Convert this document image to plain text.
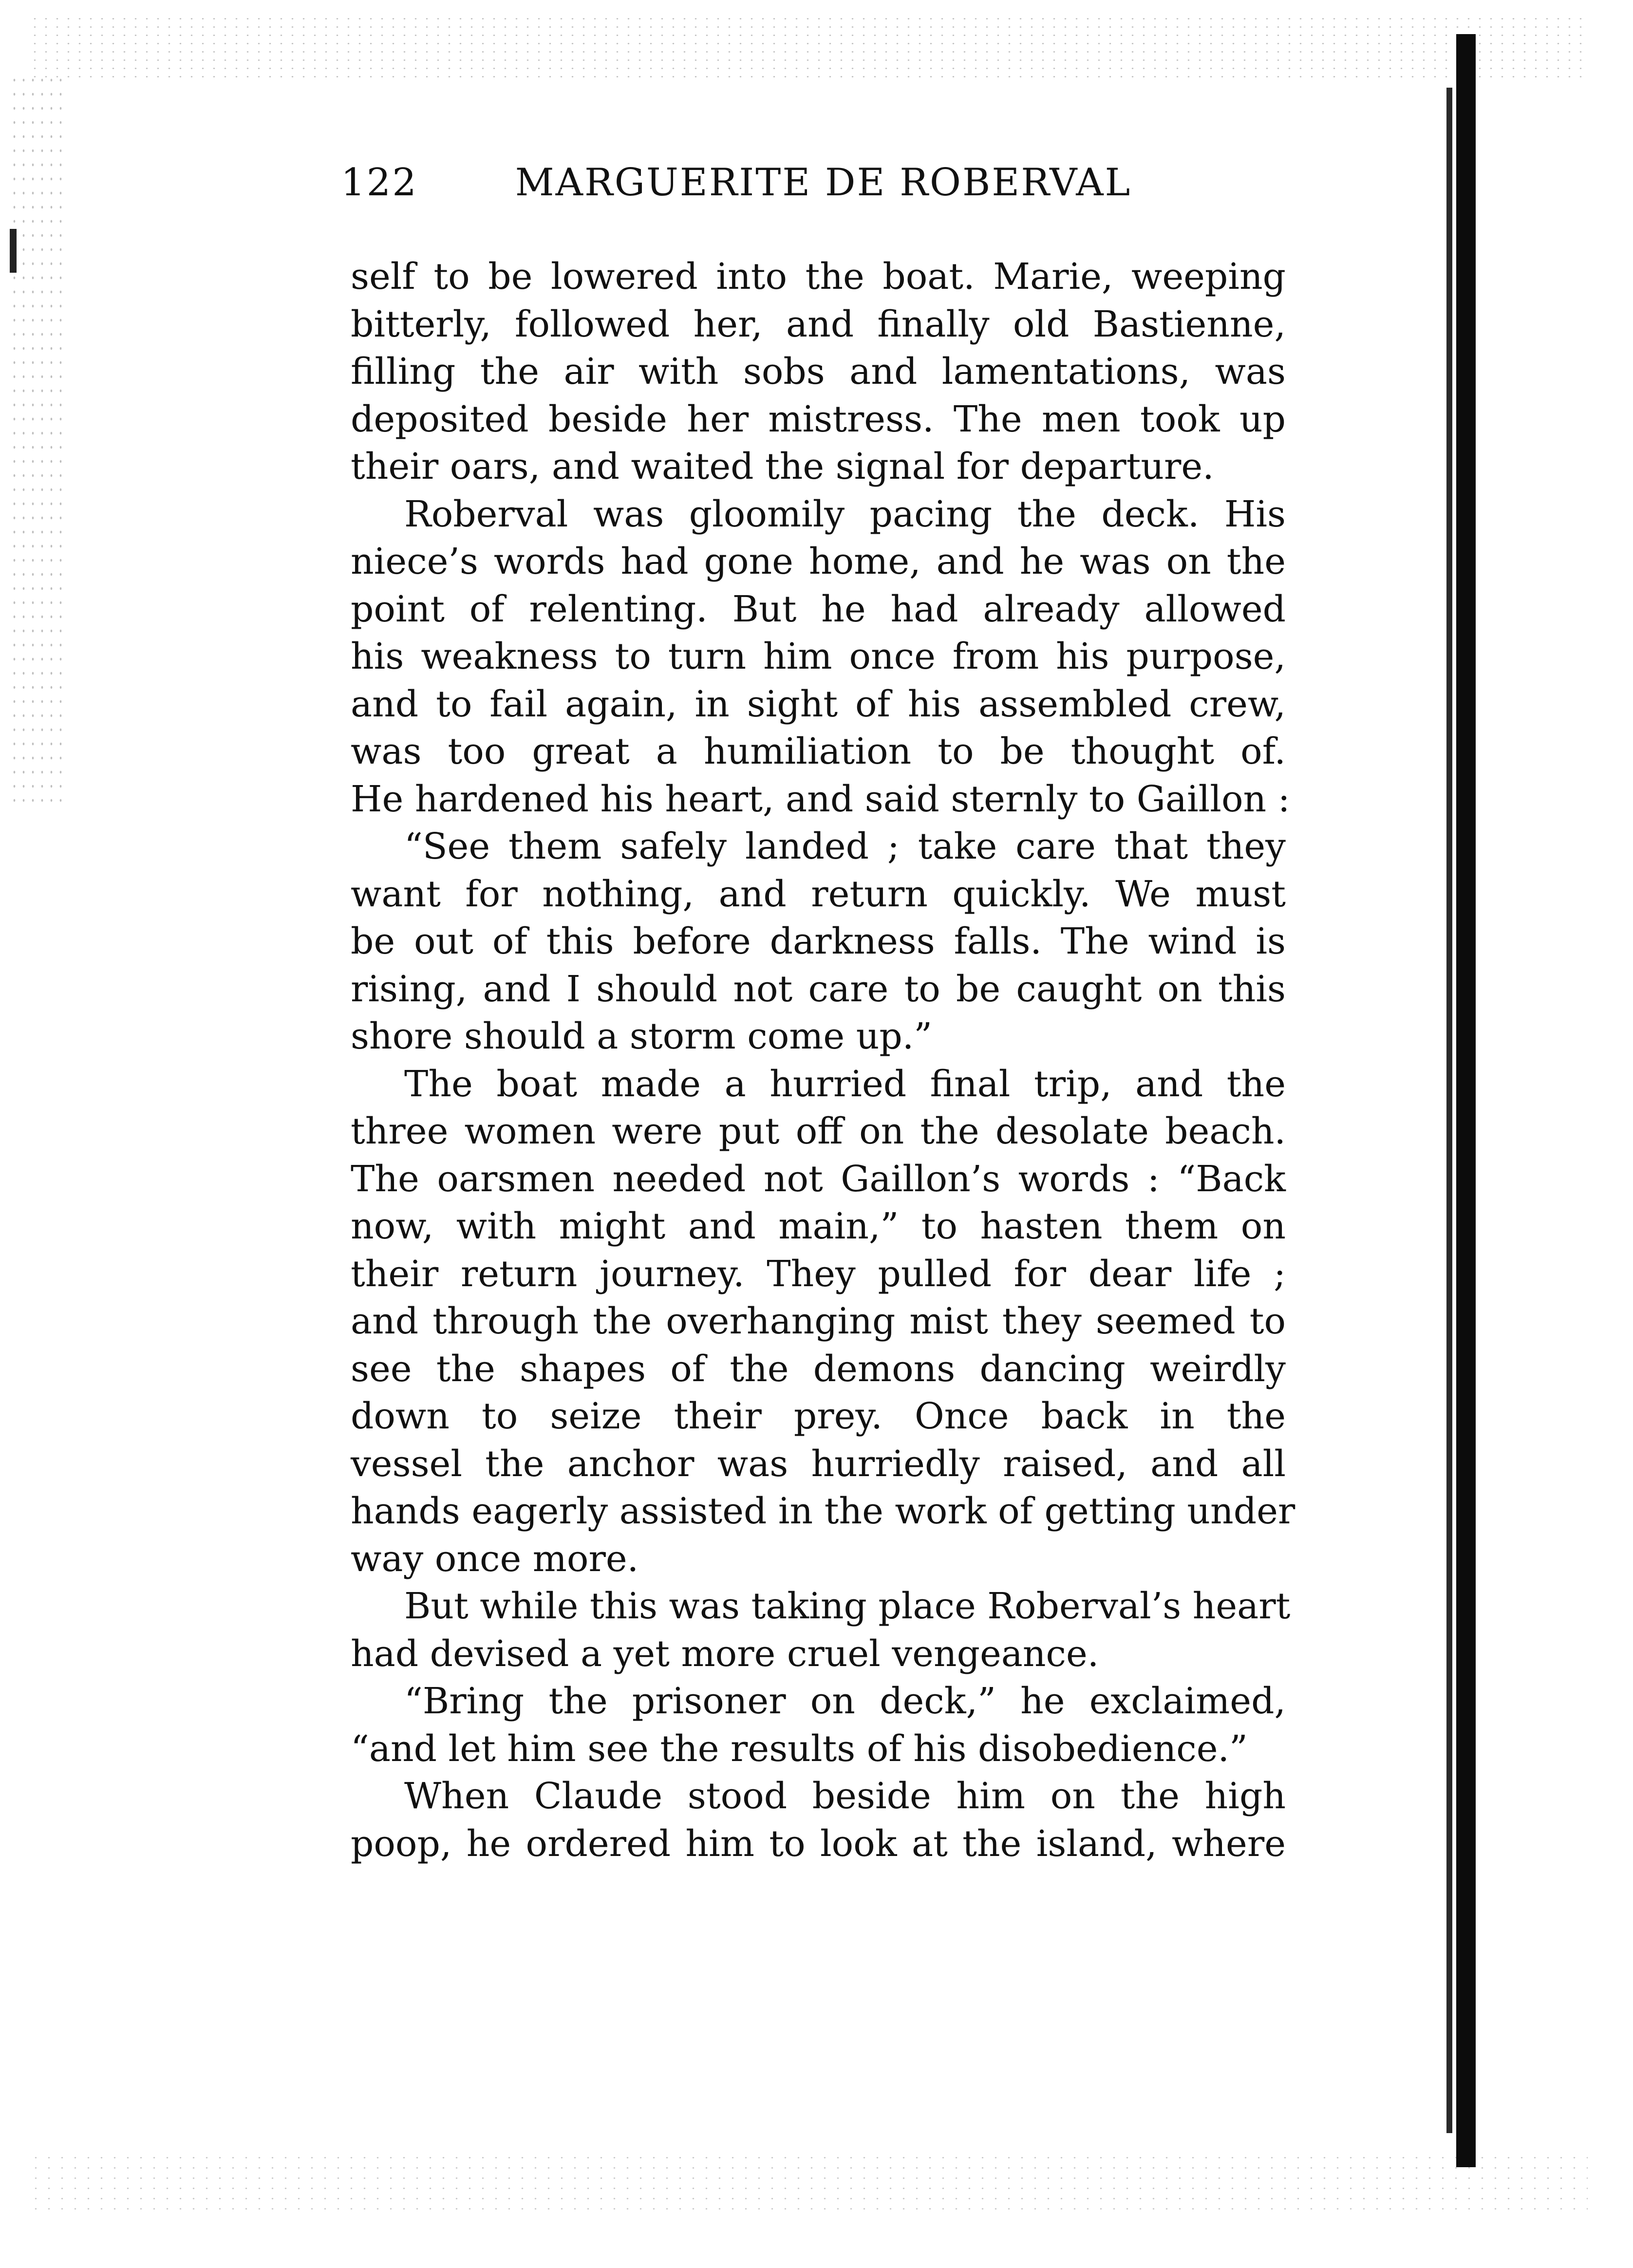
122	MARGUERITE DE ROBERVAL
self to be lowered into the boat. Marie, weeping
bitterly, followed her, and finally old Bastienne,
filling the air with sobs and lamentations, was
deposited beside her mistress. The men took up
their oars, and waited the signal for departure.
Roberval was gloomily pacing the deck. His
niece’s words had gone home, and he was on the
point of relenting. But he had already allowed
his weakness to turn him once from his purpose,
and to fail again, in sight of his assembled crew,
was too great a humiliation to be thought of.
He hardened his heart, and said sternly to Gaillon :
“See them safely landed ; take care that they
want for nothing, and return quickly. We must
be out of this before darkness falls. The wind is
rising, and I should not care to be caught on this
shore should a storm come up.”
The boat made a hurried final trip, and the
three women were put off on the desolate beach.
The oarsmen needed not Gaillon’s words : “Back
now, with might and main,” to hasten them on
their return journey. They pulled for dear life ;
and through the overhanging mist they seemed to
see the shapes of the demons dancing weirdly
down to seize their prey. Once back in the
vessel the anchor was hurriedly raised, and all
hands eagerly assisted in the work of getting under
way once more.
But while this was taking place Roberval’s heart
had devised a yet more cruel vengeance.
“Bring the prisoner on deck,” he exclaimed,
“and let him see the results of his disobedience.”
When Claude stood beside him on the high
poop, he ordered him to look at the island, where
